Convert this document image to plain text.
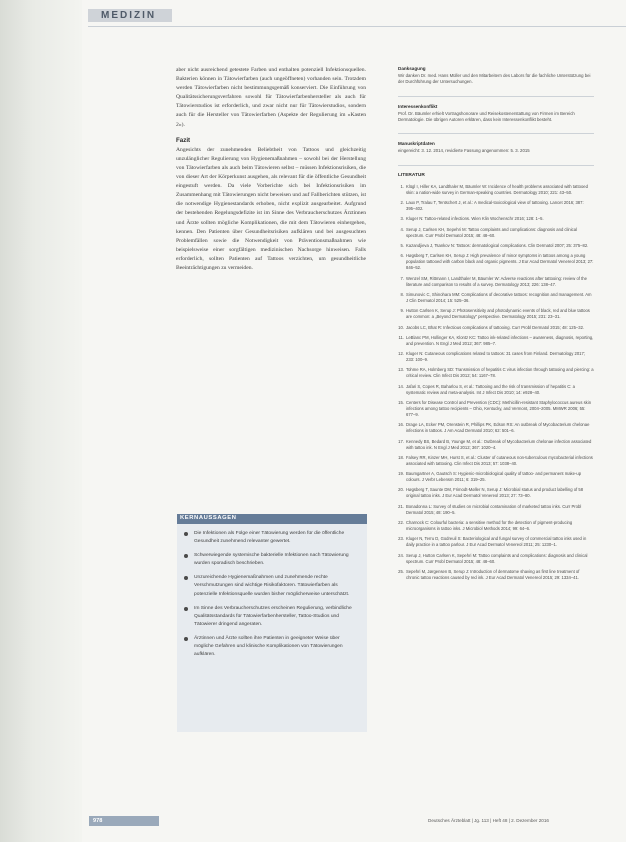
MEDIZIN

aber nicht ausreichend getestete Farben und enthalten potenziell Infektionsquellen. Bakterien können in Tätowierfarben (auch ungeöffneten) vorhanden sein. Trotzdem werden Tätowierfarben nicht bestimmungsgemäß konserviert. Die Einführung von Qualitätssicherungsverfahren sowohl für Tätowierfarbenhersteller als auch für Tätowierstudios ist erforderlich, und zwar nicht nur für Tätowierstudios, sondern auch für die Hersteller von Tätowierfarben (Aspekte der Regulierung im »Kasten 2«).

Fazit

Angesichts der zunehmenden Beliebtheit von Tattoos und gleichzeitig unzulänglicher Regulierung von Hygienemaßnahmen – sowohl bei der Herstellung von Tätowierfarben als auch beim Tätowieren selbst – müssen Infektionsrisiken, die von dieser Art der Körperkunst ausgehen, als relevant für die öffentliche Gesundheit eingestuft werden. Da viele Vorberichte sich bei Infektionsrisiken im Zusammenhang mit Tätowierungen nicht beweisen und auf Fallberichten stützen, ist die notwendige Hygienestandards erhoben, nicht explizit ausgearbeitet. Aufgrund der bestehenden Regelungsdefizite ist im Sinne des Verbraucherschutzes Ärztinnen und Ärzte sollten mögliche Komplikationen, die mit dem Tätowieren einhergehen, kennen. Den Patienten über Gesundheitsrisiken aufklären und bei ausgesuchten Problemfällen sowie die Notwendigkeit von Präventionsmaßnahmen wie beispielsweise einer sorgfältigen medizinischen Nachsorge hinweisen. Falls erforderlich, sollten Patienten auf Tattoos verzichten, um gesundheitliche Beeinträchtigungen zu vermeiden.

Die Infektionen als Folge einer Tätowierung werden für die öffentliche Gesundheit zunehmend relevanter gewertet.
Schwerwiegende systemische bakterielle Infektionen nach Tätowierung wurden sporadisch beschrieben.
Unzureichende Hygienemaßnahmen und zunehmende rechte Verschmutzungen sind wichtige Risikofaktoren. Tätowierfarben als potenzielle Infektionsquelle wurden bisher möglicherweise unterschätzt.
Im Sinne des Verbraucherschutzes erscheinen Regulierung, verbindliche Qualitätsstandards für Tätowierfarbenhersteller, Tattoo-Studios und Tätowierer dringend angeraten.
Ärztinnen und Ärzte sollten ihre Patienten in geeigneter Weise über mögliche Gefahren und klinische Komplikationen von Tätowierungen aufklären.
KERNAUSSAGEN
Danksagung
Wir danken Dr. med. Hans Müller und den Mitarbeitern des Labors für die fachliche Unterstützung bei der Durchführung der Untersuchungen.
Interessenkonflikt
Prof. Dr. Bäumler erhielt Vortragshonorare und Reisekostenerstattung von Firmen im Bereich Dermatologie. Die übrigen Autoren erklären, dass kein Interessenkonflikt besteht.
Manuskriptdaten
eingereicht: 3. 12. 2014, revidierte Fassung angenommen: 5. 3. 2015
LITERATUR
1. Klügl I, Hiller KA, Landthaler M, Bäumler W: Incidence of health problems associated with tattooed skin: a nation-wide survey in German-speaking countries. Dermatology 2010; 221: 43–50.
2. Laux P, Tralau T, Tentschert J, et al.: A medical-toxicological view of tattooing. Lancet 2016; 387: 395–402.
3. Kluger N: Tattoo-related infections. Wien Klin Wochenschr 2016; 128: 1–5.
4. Serup J, Carlsen KH, Sepehri M: Tattoo complaints and complications: diagnosis and clinical spectrum. Curr Probl Dermatol 2015; 48: 48–60.
5. Kazandjieva J, Tsankov N: Tattoos: dermatological complications. Clin Dermatol 2007; 25: 375–82.
6. Høgsberg T, Carlsen KH, Serup J: High prevalence of minor symptoms in tattoos among a young population tattooed with carbon black and organic pigments. J Eur Acad Dermatol Venereol 2013; 27: 846–52.
7. Wenzel SM, Rittmann I, Landthaler M, Bäumler W: Adverse reactions after tattooing: review of the literature and comparison to results of a survey. Dermatology 2013; 226: 138–47.
8. Simunovic C, Shinohara MM: Complications of decorative tattoos: recognition and management. Am J Clin Dermatol 2014; 15: 525–36.
9. Hutton Carlsen K, Serup J: Photosensitivity and photodynamic events of black, red and blue tattoos are common: a „Beyond Dermatology“ perspective. Dermatology 2015; 231: 23–31.
10. Jacobs LC, Bhat R: Infectious complications of tattooing. Curr Probl Dermatol 2015; 48: 125–32.
11. LeBlanc PM, Hollinger KA, Klontz KC: Tattoo ink-related infections – awareness, diagnosis, reporting, and prevention. N Engl J Med 2012; 367: 985–7.
12. Kluger N: Cutaneous complications related to tattoos: 31 cases from Finland. Dermatology 2017; 233: 100–9.
13. Tohme RA, Holmberg SD: Transmission of hepatitis C virus infection through tattooing and piercing: a critical review. Clin Infect Dis 2012; 54: 1167–78.
14. Jafari S, Copes R, Baharlou S, et al.: Tattooing and the risk of transmission of hepatitis C: a systematic review and meta-analysis. Int J Infect Dis 2010; 14: e928–40.
15. Centers for Disease Control and Prevention (CDC): Methicillin-resistant Staphylococcus aureus skin infections among tattoo recipients – Ohio, Kentucky, and Vermont, 2004–2005. MMWR 2006; 55: 677–9.
16. Drage LA, Ecker PM, Orenstein R, Phillips PK, Edson RS: An outbreak of Mycobacterium chelonae infections in tattoos. J Am Acad Dermatol 2010; 62: 501–6.
17. Kennedy BS, Bedard B, Younge M, et al.: Outbreak of Mycobacterium chelonae infection associated with tattoo ink. N Engl J Med 2012; 367: 1020–4.
18. Falsey RR, Kinzer MH, Hurst S, et al.: Cluster of cutaneous non-tuberculous mycobacterial infections associated with tattooing. Clin Infect Dis 2013; 57: 1038–40.
19. Baumgartner A, Gautsch S: Hygienic-microbiological quality of tattoo- and permanent make-up colours. J Verbr Lebensm 2011; 6: 319–25.
20. Høgsberg T, Saunte DM, Frimodt-Møller N, Serup J: Microbial status and product labelling of 58 original tattoo inks. J Eur Acad Dermatol Venereol 2013; 27: 73–80.
21. Bonadonna L: Survey of studies on microbial contamination of marketed tattoo inks. Curr Probl Dermatol 2015; 48: 190–5.
22. Charnock C: Colourful bacteria: a sensitive method for the detection of pigment-producing microorganisms in tattoo inks. J Microbiol Methods 2014; 99: 64–6.
23. Kluger N, Terru D, Godreuil S: Bacteriological and fungal survey of commercial tattoo inks used in daily practice in a tattoo parlour. J Eur Acad Dermatol Venereol 2011; 25: 1230–1.
24. Serup J, Hutton Carlsen K, Sepehri M: Tattoo complaints and complications: diagnosis and clinical spectrum. Curr Probl Dermatol 2015; 48: 48–60.
25. Sepehri M, Jørgensen B, Serup J: Introduction of dermatome shaving as first line treatment of chronic tattoo reactions caused by red ink. J Eur Acad Dermatol Venereol 2015; 29: 1334–41.
978	Deutsches Ärzteblatt | Jg. 113 | Heft 48 | 2. Dezember 2016
